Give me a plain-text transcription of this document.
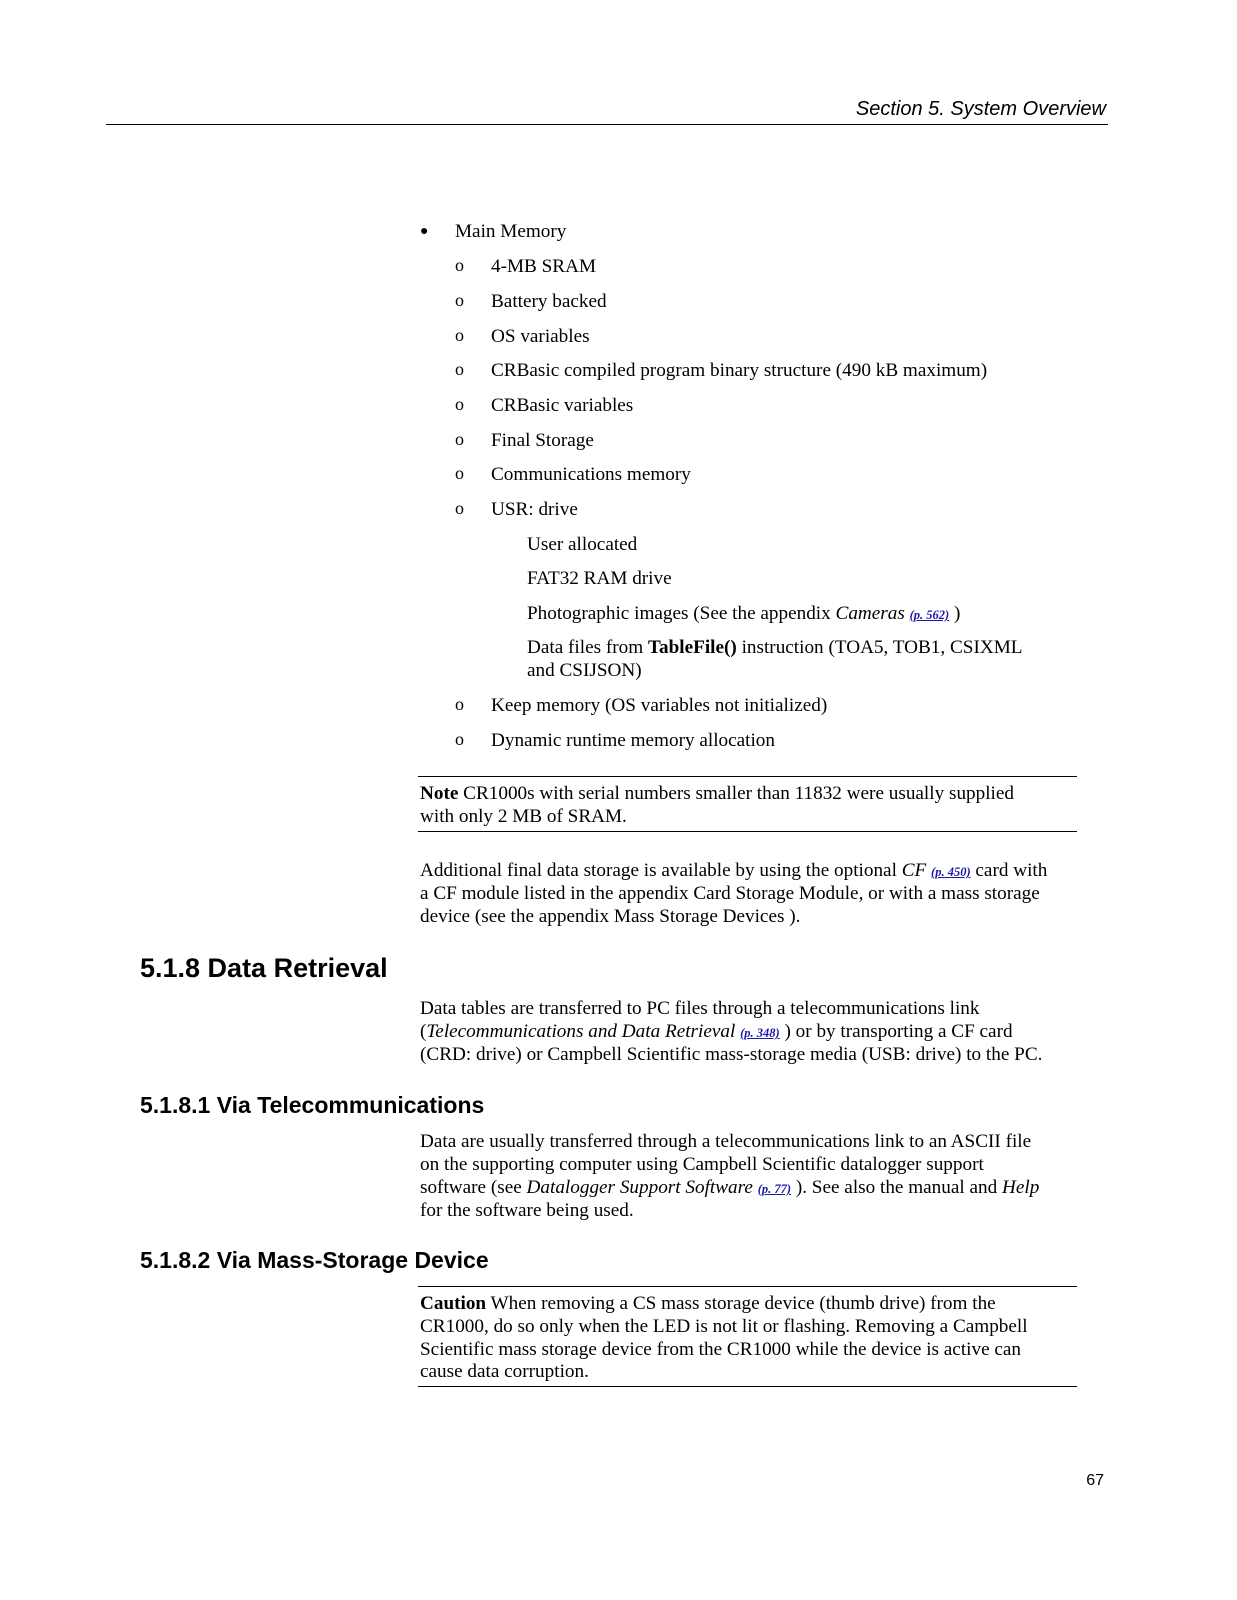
Section 5. System Overview
● Main Memory
o 4-MB SRAM
o Battery backed
o OS variables
o CRBasic compiled program binary structure (490 kB maximum)
o CRBasic variables
o Final Storage
o Communications memory
o USR: drive
User allocated
FAT32 RAM drive
Photographic images (See the appendix Cameras (p. 562) )
Data files from TableFile() instruction (TOA5, TOB1, CSIXML
and CSIJSON)
o Keep memory (OS variables not initialized)
o Dynamic runtime memory allocation
Note CR1000s with serial numbers smaller than 11832 were usually supplied
with only 2 MB of SRAM.
Additional final data storage is available by using the optional CF (p. 450) card with
a CF module listed in the appendix Card Storage Module, or with a mass storage
device (see the appendix Mass Storage Devices ).
5.1.8 Data Retrieval
Data tables are transferred to PC files through a telecommunications link
(Telecommunications and Data Retrieval (p. 348) ) or by transporting a CF card
(CRD: drive) or Campbell Scientific mass-storage media (USB: drive) to the PC.
5.1.8.1 Via Telecommunications
Data are usually transferred through a telecommunications link to an ASCII file
on the supporting computer using Campbell Scientific datalogger support
software (see Datalogger Support Software (p. 77) ). See also the manual and Help
for the software being used.
5.1.8.2 Via Mass-Storage Device
Caution When removing a CS mass storage device (thumb drive) from the
CR1000, do so only when the LED is not lit or flashing. Removing a Campbell
Scientific mass storage device from the CR1000 while the device is active can
cause data corruption.
67
